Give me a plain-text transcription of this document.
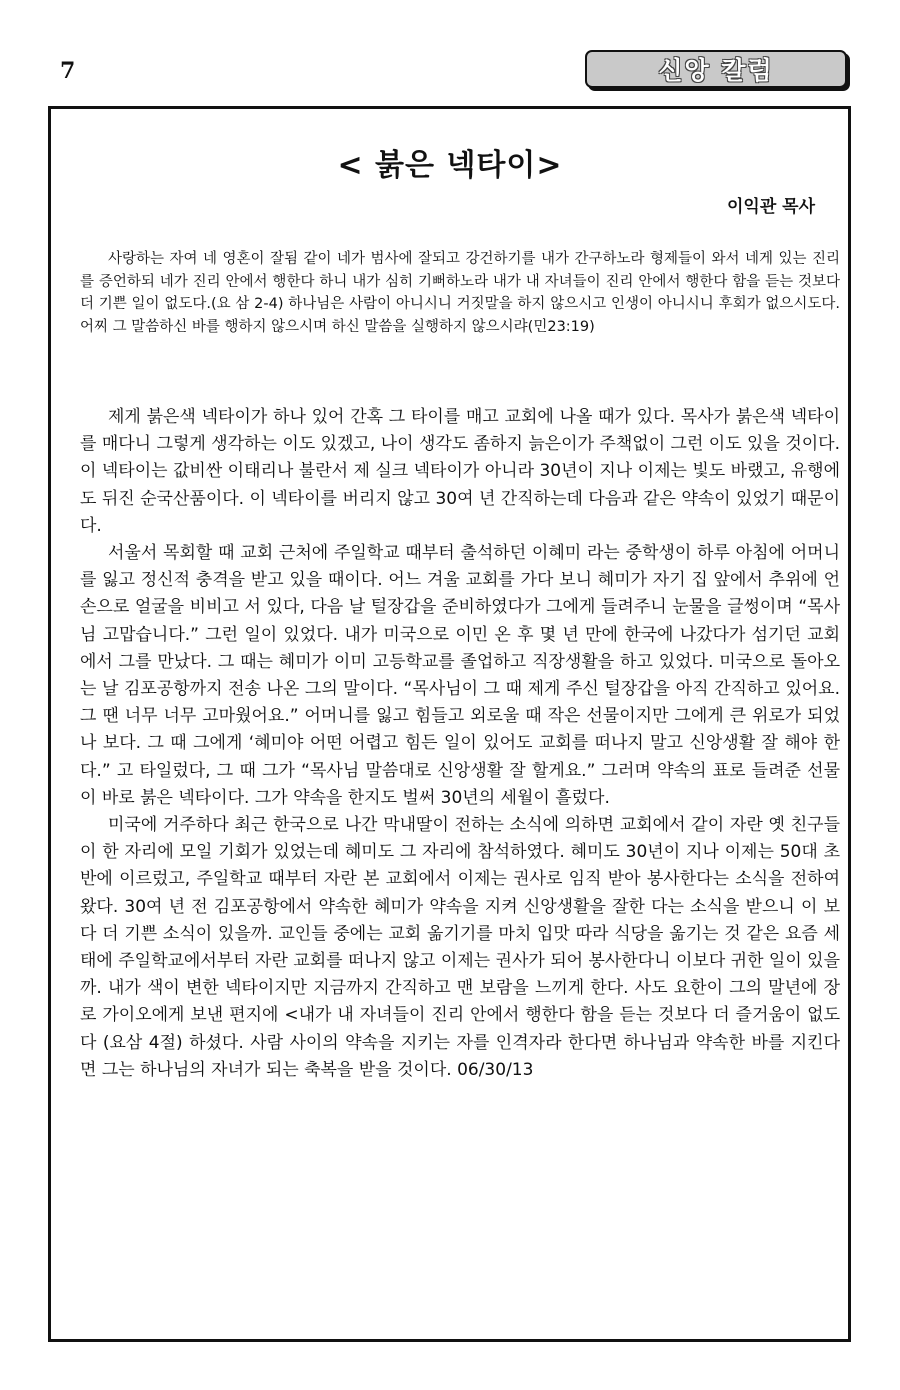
7	신앙 칼럼
< 붉은 넥타이>
이익관 목사
사랑하는 자여 네 영혼이 잘됨 같이 네가 범사에 잘되고 강건하기를 내가 간구하노라 형제들이 와서 네게 있는 진리를 증언하되 네가 진리 안에서 행한다 하니 내가 심히 기뻐하노라 내가 내 자녀들이 진리 안에서 행한다 함을 듣는 것보다 더 기쁜 일이 없도다.(요 삼 2-4) 하나님은 사람이 아니시니 거짓말을 하지 않으시고 인생이 아니시니 후회가 없으시도다. 어찌 그 말씀하신 바를 행하지 않으시며 하신 말씀을 실행하지 않으시랴(민23:19)

제게 붉은색 넥타이가 하나 있어 간혹 그 타이를 매고 교회에 나올 때가 있다. 목사가 붉은색 넥타이를 매다니 그렇게 생각하는 이도 있겠고, 나이 생각도 좀하지 늙은이가 주책없이 그런 이도 있을 것이다. 이 넥타이는 값비싼 이태리나 불란서 제 실크 넥타이가 아니라 30년이 지나 이제는 빛도 바랬고, 유행에도 뒤진 순국산품이다. 이 넥타이를 버리지 않고 30여 년 간직하는데 다음과 같은 약속이 있었기 때문이다.

서울서 목회할 때 교회 근처에 주일학교 때부터 출석하던 이혜미 라는 중학생이 하루 아침에 어머니를 잃고 정신적 충격을 받고 있을 때이다. 어느 겨울 교회를 가다 보니 혜미가 자기 집 앞에서 추위에 언 손으로 얼굴을 비비고 서 있다, 다음 날 털장갑을 준비하였다가 그에게 들려주니 눈물을 글썽이며 “목사님 고맙습니다.” 그런 일이 있었다. 내가 미국으로 이민 온 후 몇 년 만에 한국에 나갔다가 섬기던 교회에서 그를 만났다. 그 때는 혜미가 이미 고등학교를 졸업하고 직장생활을 하고 있었다. 미국으로 돌아오는 날 김포공항까지 전송 나온 그의 말이다. “목사님이 그 때 제게 주신 털장갑을 아직 간직하고 있어요. 그 땐 너무 너무 고마웠어요.” 어머니를 잃고 힘들고 외로울 때 작은 선물이지만 그에게 큰 위로가 되었나 보다. 그 때 그에게 ‘혜미야 어떤 어렵고 힘든 일이 있어도 교회를 떠나지 말고 신앙생활 잘 해야 한다.” 고 타일렀다, 그 때 그가 “목사님 말씀대로 신앙생활 잘 할게요.” 그러며 약속의 표로 들려준 선물이 바로 붉은 넥타이다. 그가 약속을 한지도 벌써 30년의 세월이 흘렀다.

미국에 거주하다 최근 한국으로 나간 막내딸이 전하는 소식에 의하면 교회에서 같이 자란 옛 친구들이 한 자리에 모일 기회가 있었는데 혜미도 그 자리에 참석하였다. 혜미도 30년이 지나 이제는 50대 초반에 이르렀고, 주일학교 때부터 자란 본 교회에서 이제는 권사로 임직 받아 봉사한다는 소식을 전하여 왔다. 30여 년 전 김포공항에서 약속한 혜미가 약속을 지켜 신앙생활을 잘한 다는 소식을 받으니 이 보다 더 기쁜 소식이 있을까. 교인들 중에는 교회 옮기기를 마치 입맛 따라 식당을 옮기는 것 같은 요즘 세태에 주일학교에서부터 자란 교회를 떠나지 않고 이제는 권사가 되어 봉사한다니 이보다 귀한 일이 있을까. 내가 색이 변한 넥타이지만 지금까지 간직하고 맨 보람을 느끼게 한다. 사도 요한이 그의 말년에 장로 가이오에게 보낸 편지에 <내가 내 자녀들이 진리 안에서 행한다 함을 듣는 것보다 더 즐거움이 없도다 (요삼 4절) 하셨다. 사람 사이의 약속을 지키는 자를 인격자라 한다면 하나님과 약속한 바를 지킨다면 그는 하나님의 자녀가 되는 축복을 받을 것이다. 06/30/13
